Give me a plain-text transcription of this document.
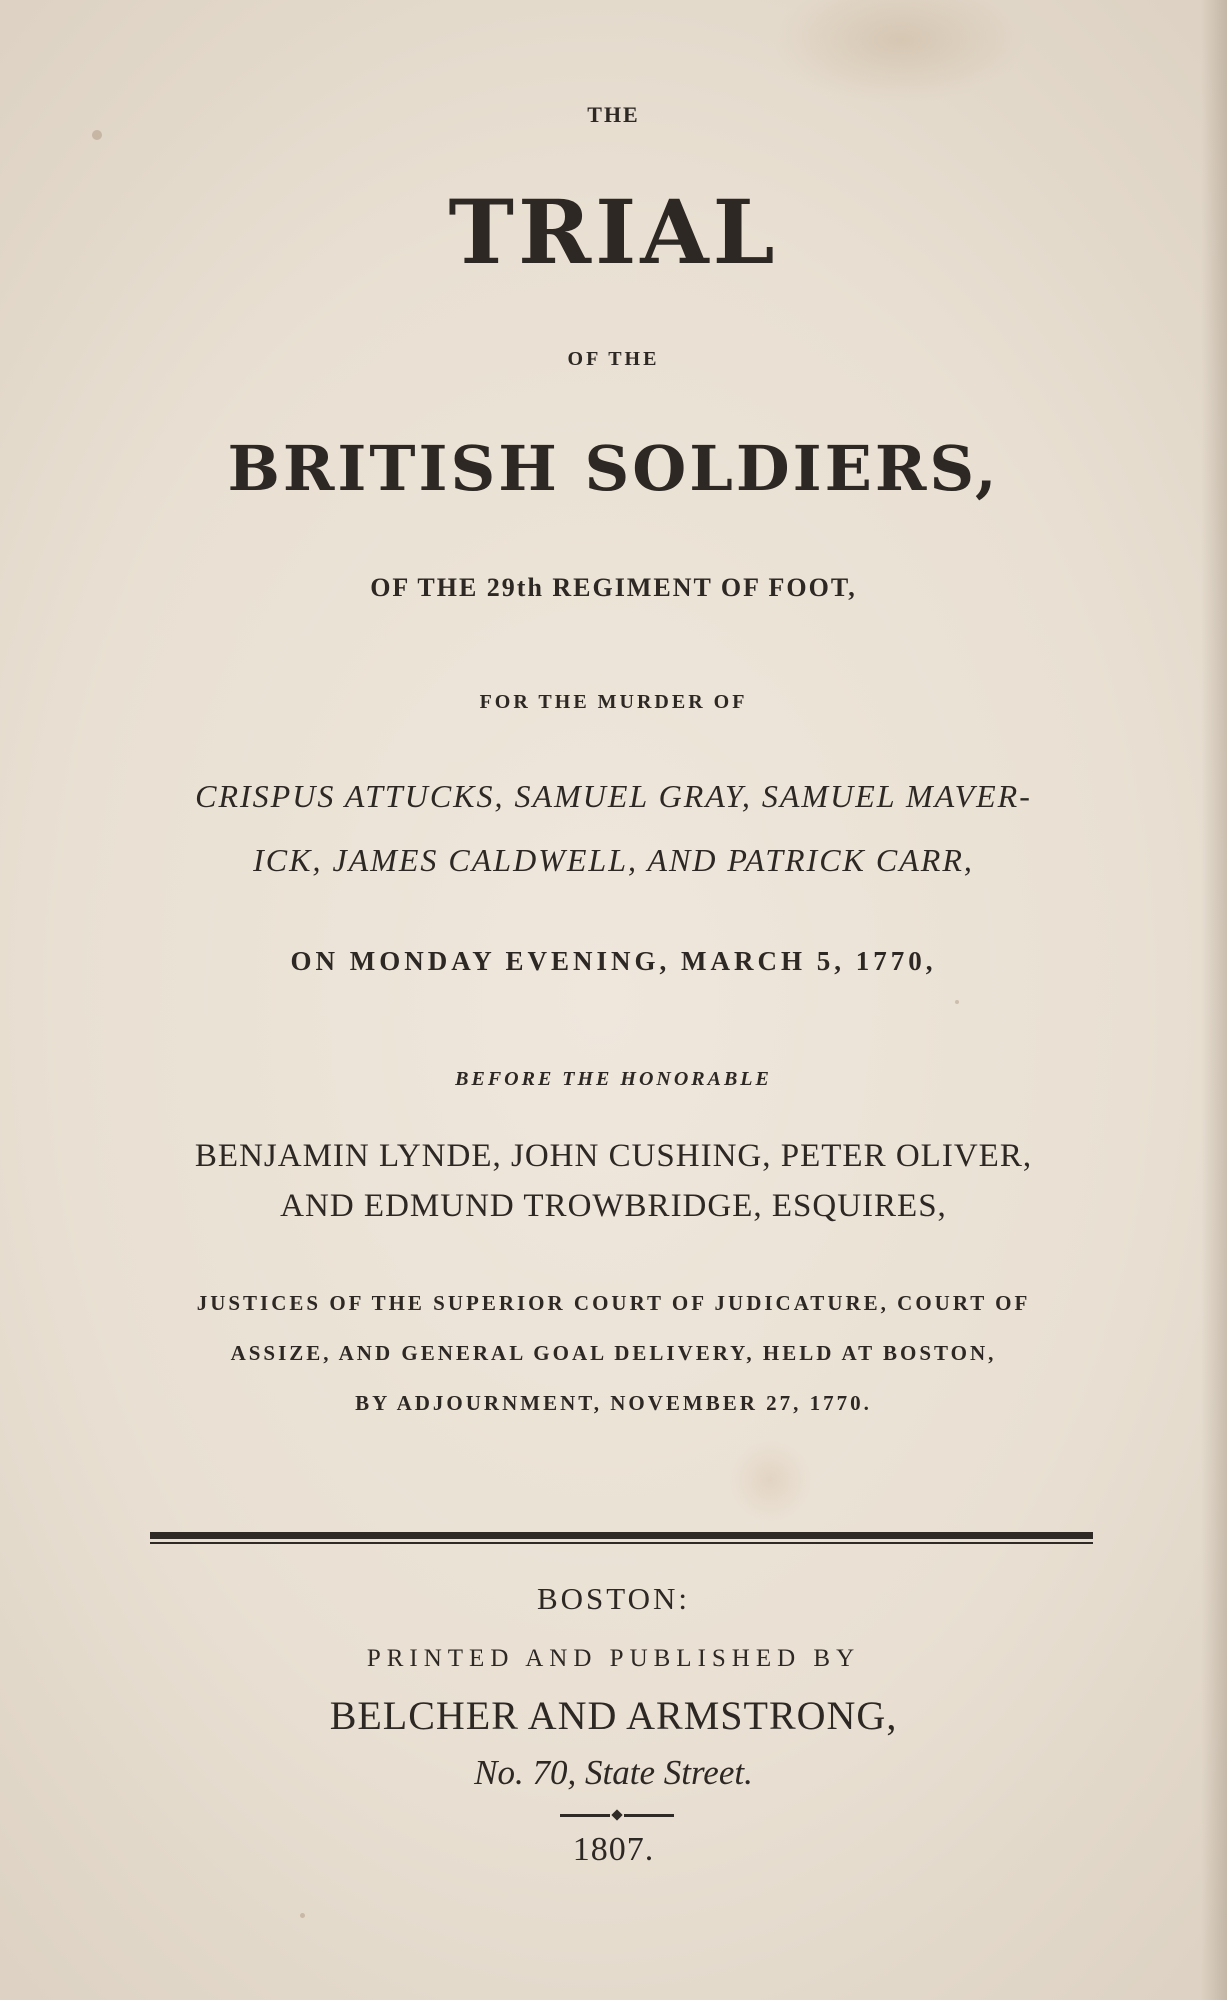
THE
TRIAL
OF THE
BRITISH SOLDIERS,
OF THE 29th REGIMENT OF FOOT,
FOR THE MURDER OF
CRISPUS ATTUCKS, SAMUEL GRAY, SAMUEL MAVER-
ICK, JAMES CALDWELL, AND PATRICK CARR,
ON MONDAY EVENING, MARCH 5, 1770,
BEFORE THE HONORABLE
BENJAMIN LYNDE, JOHN CUSHING, PETER OLIVER,
AND EDMUND TROWBRIDGE, ESQUIRES,
JUSTICES OF THE SUPERIOR COURT OF JUDICATURE, COURT OF
ASSIZE, AND GENERAL GOAL DELIVERY, HELD AT BOSTON,
BY ADJOURNMENT, NOVEMBER 27, 1770.
BOSTON:
PRINTED AND PUBLISHED BY
BELCHER AND ARMSTRONG,
No. 70, State Street.
1807.
